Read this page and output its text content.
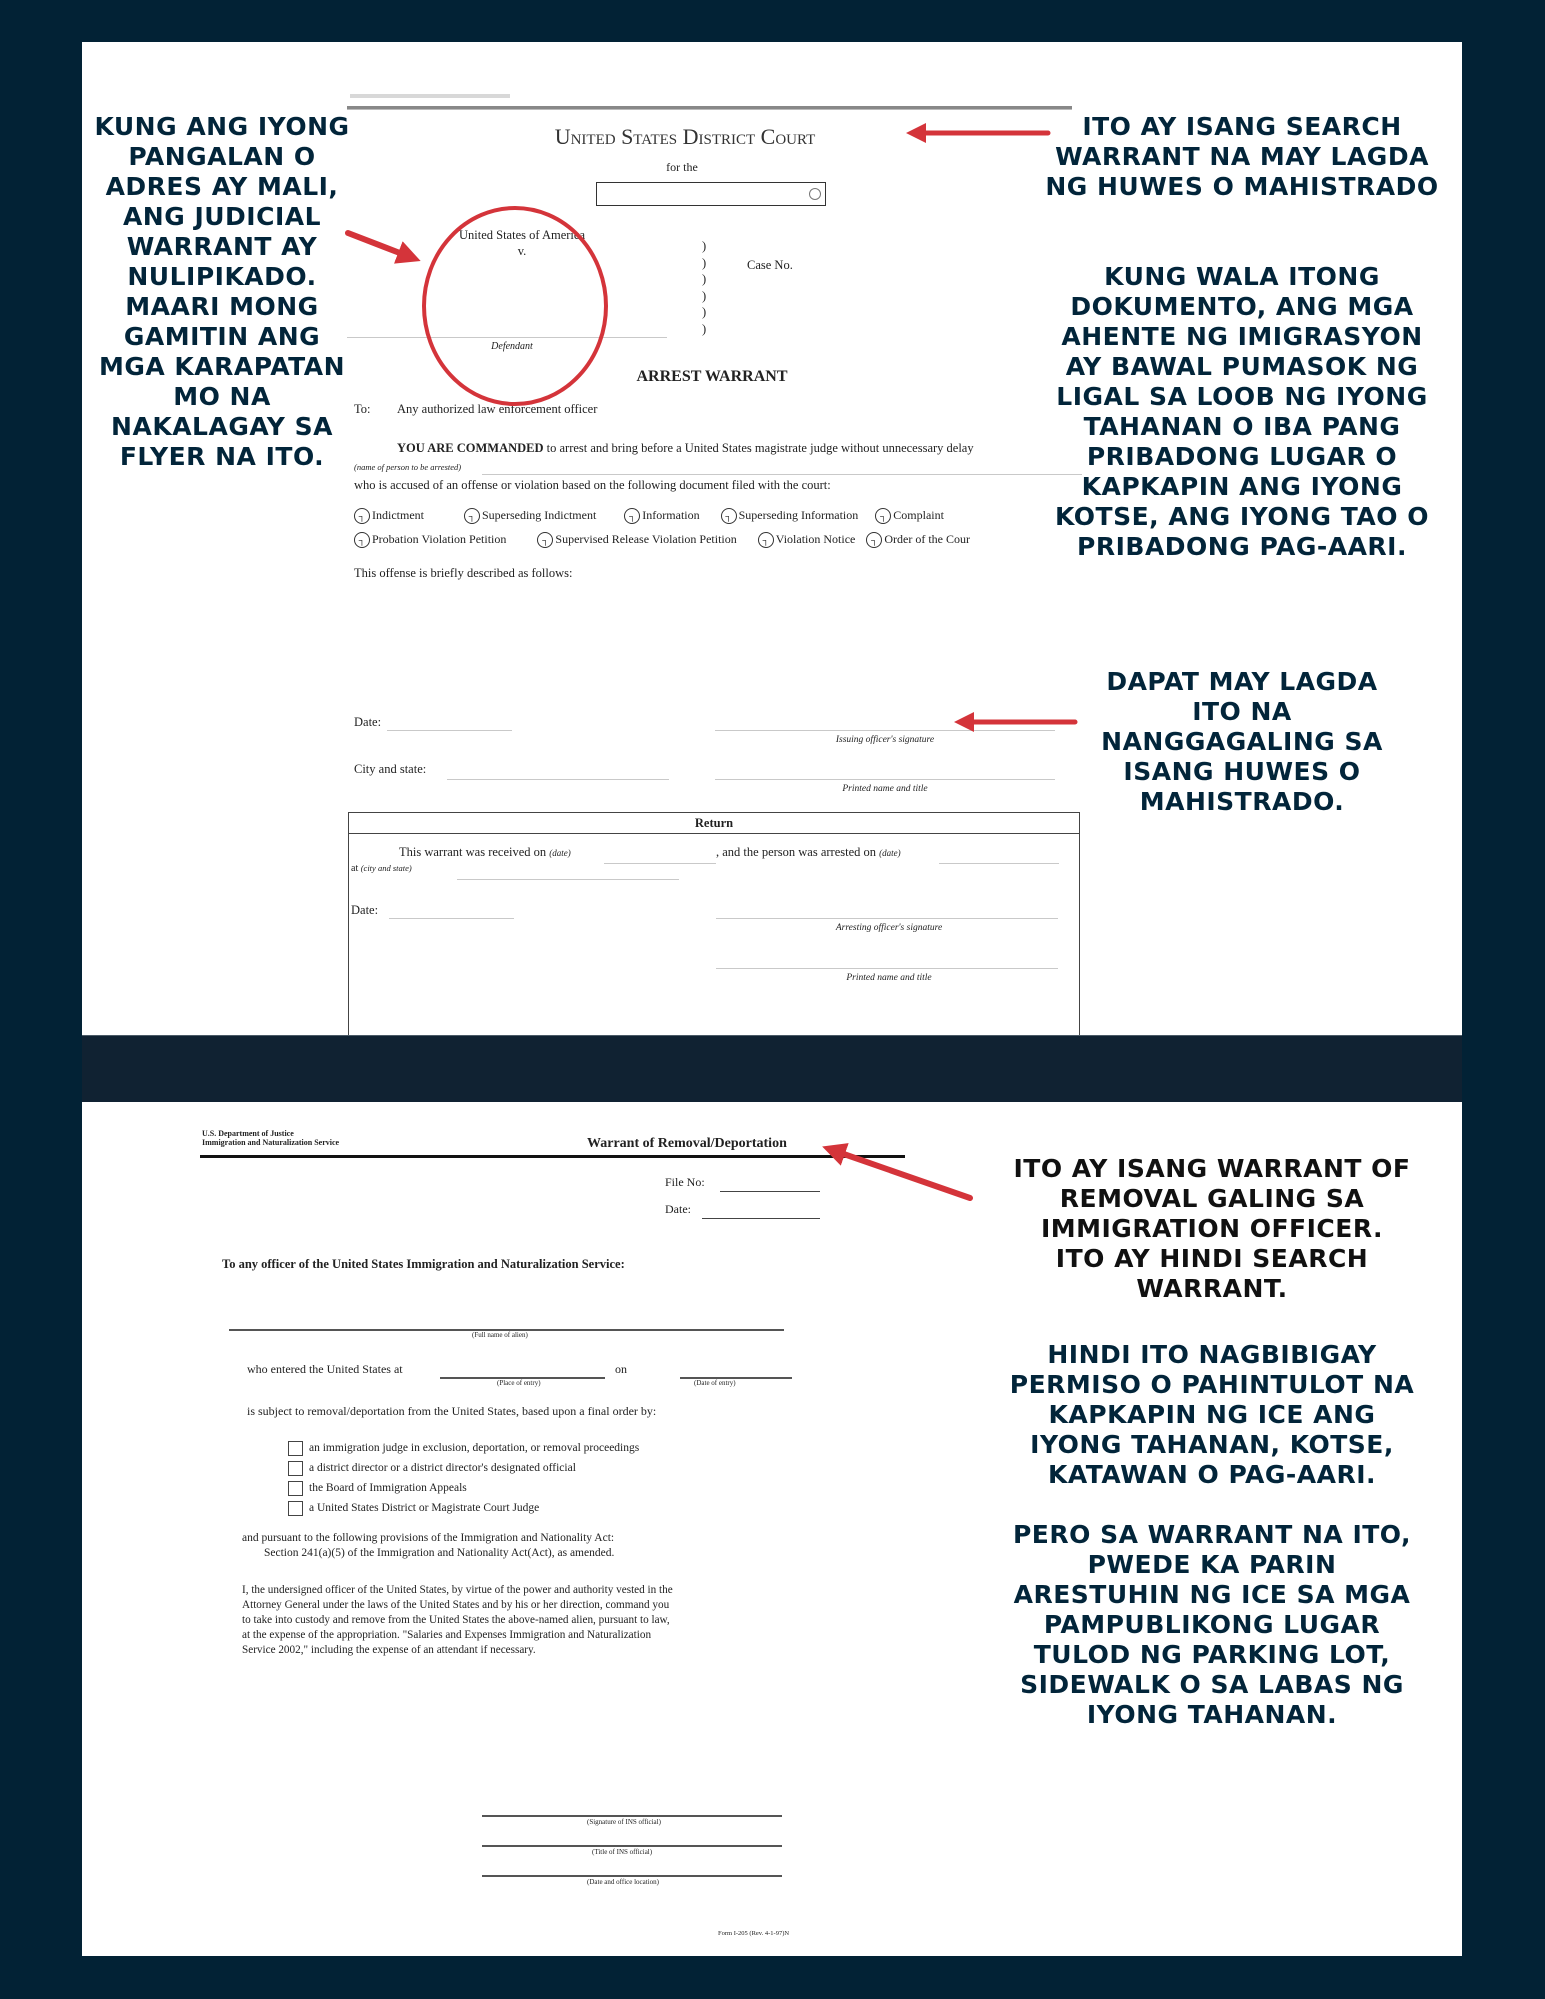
United States District Court
for the
United States of America
v.	)
)
)
)
)
)
Case No.
Defendant
ARREST WARRANT
To: Any authorized law enforcement officer
YOU ARE COMMANDED to arrest and bring before a United States magistrate judge without unnecessary delay
(name of person to be arrested)
who is accused of an offense or violation based on the following document filed with the court:
┐ Indictment	┐ Superseding Indictment	┐ Information	┐ Superseding Information ┐ Complaint
┐ Probation Violation Petition	┐ Supervised Release Violation Petition	┐ Violation Notice ┐ Order of the Cour
This offense is briefly described as follows:
Date:
Issuing officer's signature
City and state:
Printed name and title
Return
This warrant was received on (date)	, and the person was arrested on (date)
at (city and state)
Date:
Arresting officer's signature
Printed name and title
KUNG ANG IYONG
PANGALAN O
ADRES AY MALI,
ANG JUDICIAL
WARRANT AY
NULIPIKADO.
MAARI MONG
GAMITIN ANG
MGA KARAPATAN
MO NA
NAKALAGAY SA
FLYER NA ITO.
ITO AY ISANG SEARCH
WARRANT NA MAY LAGDA
NG HUWES O MAHISTRADO
KUNG WALA ITONG
DOKUMENTO, ANG MGA
AHENTE NG IMIGRASYON
AY BAWAL PUMASOK NG
LIGAL SA LOOB NG IYONG
TAHANAN O IBA PANG
PRIBADONG LUGAR O
KAPKAPIN ANG IYONG
KOTSE, ANG IYONG TAO O
PRIBADONG PAG-AARI.
DAPAT MAY LAGDA
ITO NA
NANGGAGALING SA
ISANG HUWES O
MAHISTRADO.
U.S. Department of Justice
Immigration and Naturalization Service	Warrant of Removal/Deportation
File No:
Date:
To any officer of the United States Immigration and Naturalization Service:
(Full name of alien)
who entered the United States at
(Place of entry)
on
(Date of entry)
is subject to removal/deportation from the United States, based upon a final order by:
an immigration judge in exclusion, deportation, or removal proceedings
a district director or a district director's designated official
the Board of Immigration Appeals
a United States District or Magistrate Court Judge
and pursuant to the following provisions of the Immigration and Nationality Act:
Section 241(a)(5) of the Immigration and Nationality Act(Act), as amended.
I, the undersigned officer of the United States, by virtue of the power and authority vested in the
Attorney General under the laws of the United States and by his or her direction, command you
to take into custody and remove from the United States the above-named alien, pursuant to law,
at the expense of the appropriation. "Salaries and Expenses Immigration and Naturalization
Service 2002," including the expense of an attendant if necessary.
(Signature of INS official)
(Title of INS official)
(Date and office location)
Form I-205 (Rev. 4-1-97)N
ITO AY ISANG WARRANT OF
REMOVAL GALING SA
IMMIGRATION OFFICER.
ITO AY HINDI SEARCH
WARRANT.
HINDI ITO NAGBIBIGAY
PERMISO O PAHINTULOT NA
KAPKAPIN NG ICE ANG
IYONG TAHANAN, KOTSE,
KATAWAN O PAG-AARI.
PERO SA WARRANT NA ITO,
PWEDE KA PARIN
ARESTUHIN NG ICE SA MGA
PAMPUBLIKONG LUGAR
TULOD NG PARKING LOT,
SIDEWALK O SA LABAS NG
IYONG TAHANAN.
